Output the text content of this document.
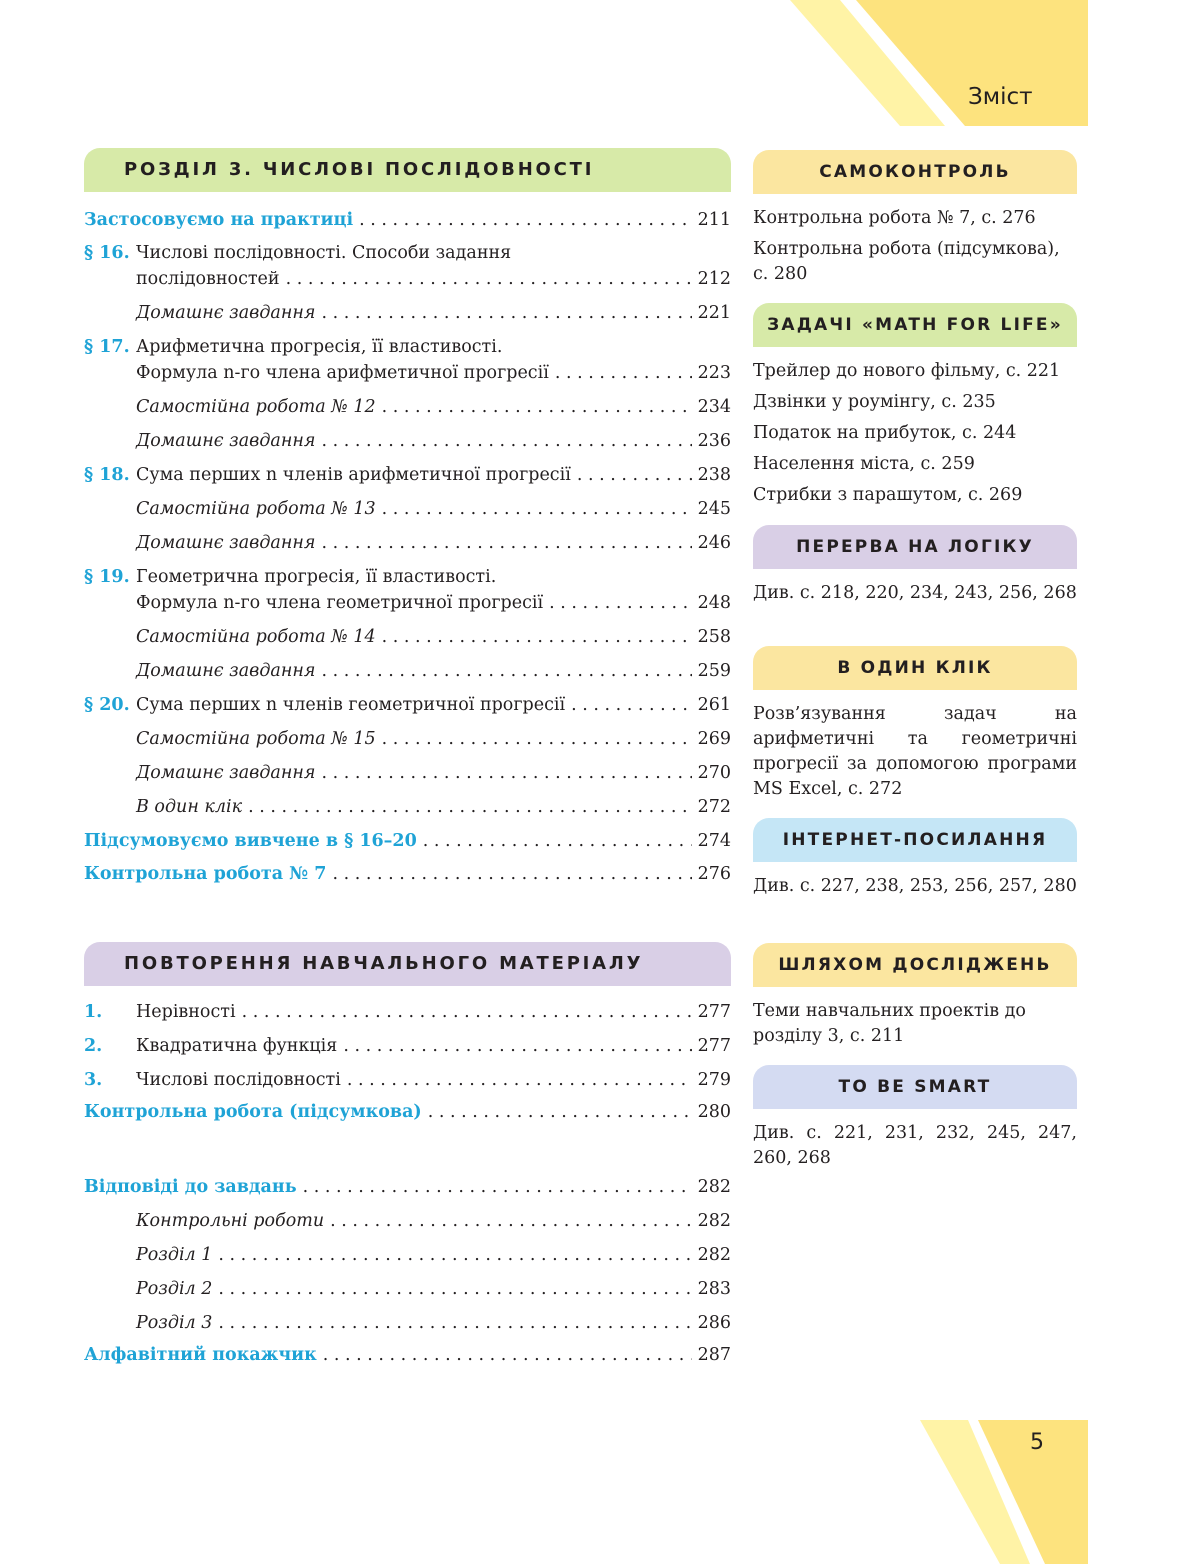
Зміст
5
РОЗДІЛ 3. ЧИСЛОВІ ПОСЛІДОВНОСТІ
Застосовуємо на практиці . . .	211
§ 16. Числові послідовності. Способи задання
послідовностей . . .	212
Домашнє завдання . . .	221
§ 17. Арифметична прогресія, її властивості.
Формула n-го члена арифметичної прогресії . . .	223
Самостійна робота № 12 . . .	234
Домашнє завдання . . .	236
§ 18. Сума перших n членів арифметичної прогресії . . .	238
Самостійна робота № 13 . . .	245
Домашнє завдання . . .	246
§ 19. Геометрична прогресія, її властивості.
Формула n-го члена геометричної прогресії . . .	248
Самостійна робота № 14 . . .	258
Домашнє завдання . . .	259
§ 20. Сума перших n членів геометричної прогресії . . .	261
Самостійна робота № 15 . . .	269
Домашнє завдання . . .	270
В один клік . . .	272
Підсумовуємо вивчене в § 16–20 . . .	274
Контрольна робота № 7 . . .	276
ПОВТОРЕННЯ НАВЧАЛЬНОГО МАТЕРІАЛУ
1.	Нерівності . . .	277
2.	Квадратична функція . . .	277
3.	Числові послідовності . . .	279
Контрольна робота (підсумкова) . . .	280
Відповіді до завдань . . .	282
Контрольні роботи . . .	282
Розділ 1 . . .	282
Розділ 2 . . .	283
Розділ 3 . . .	286
Алфавітний покажчик . . .	287
САМОКОНТРОЛЬ
Контрольна робота № 7, с. 276
Контрольна робота (підсумкова), с. 280
ЗАДАЧІ «MATH FOR LIFE»
Трейлер до нового фільму, с. 221
Дзвінки у роумінгу, с. 235
Податок на прибуток, с. 244
Населення міста, с. 259
Стрибки з парашутом, с. 269
ПЕРЕРВА НА ЛОГІКУ
Див. с. 218, 220, 234, 243, 256, 268
В ОДИН КЛІК
Розв’язування задач на арифметичні та геометричні прогресії за допомогою програми MS Excel, с. 272
ІНТЕРНЕТ-ПОСИЛАННЯ
Див. с. 227, 238, 253, 256, 257, 280
ШЛЯХОМ ДОСЛІДЖЕНЬ
Теми навчальних проектів до розділу 3, с. 211
TO BE SMART
Див. с. 221, 231, 232, 245, 247, 260, 268
